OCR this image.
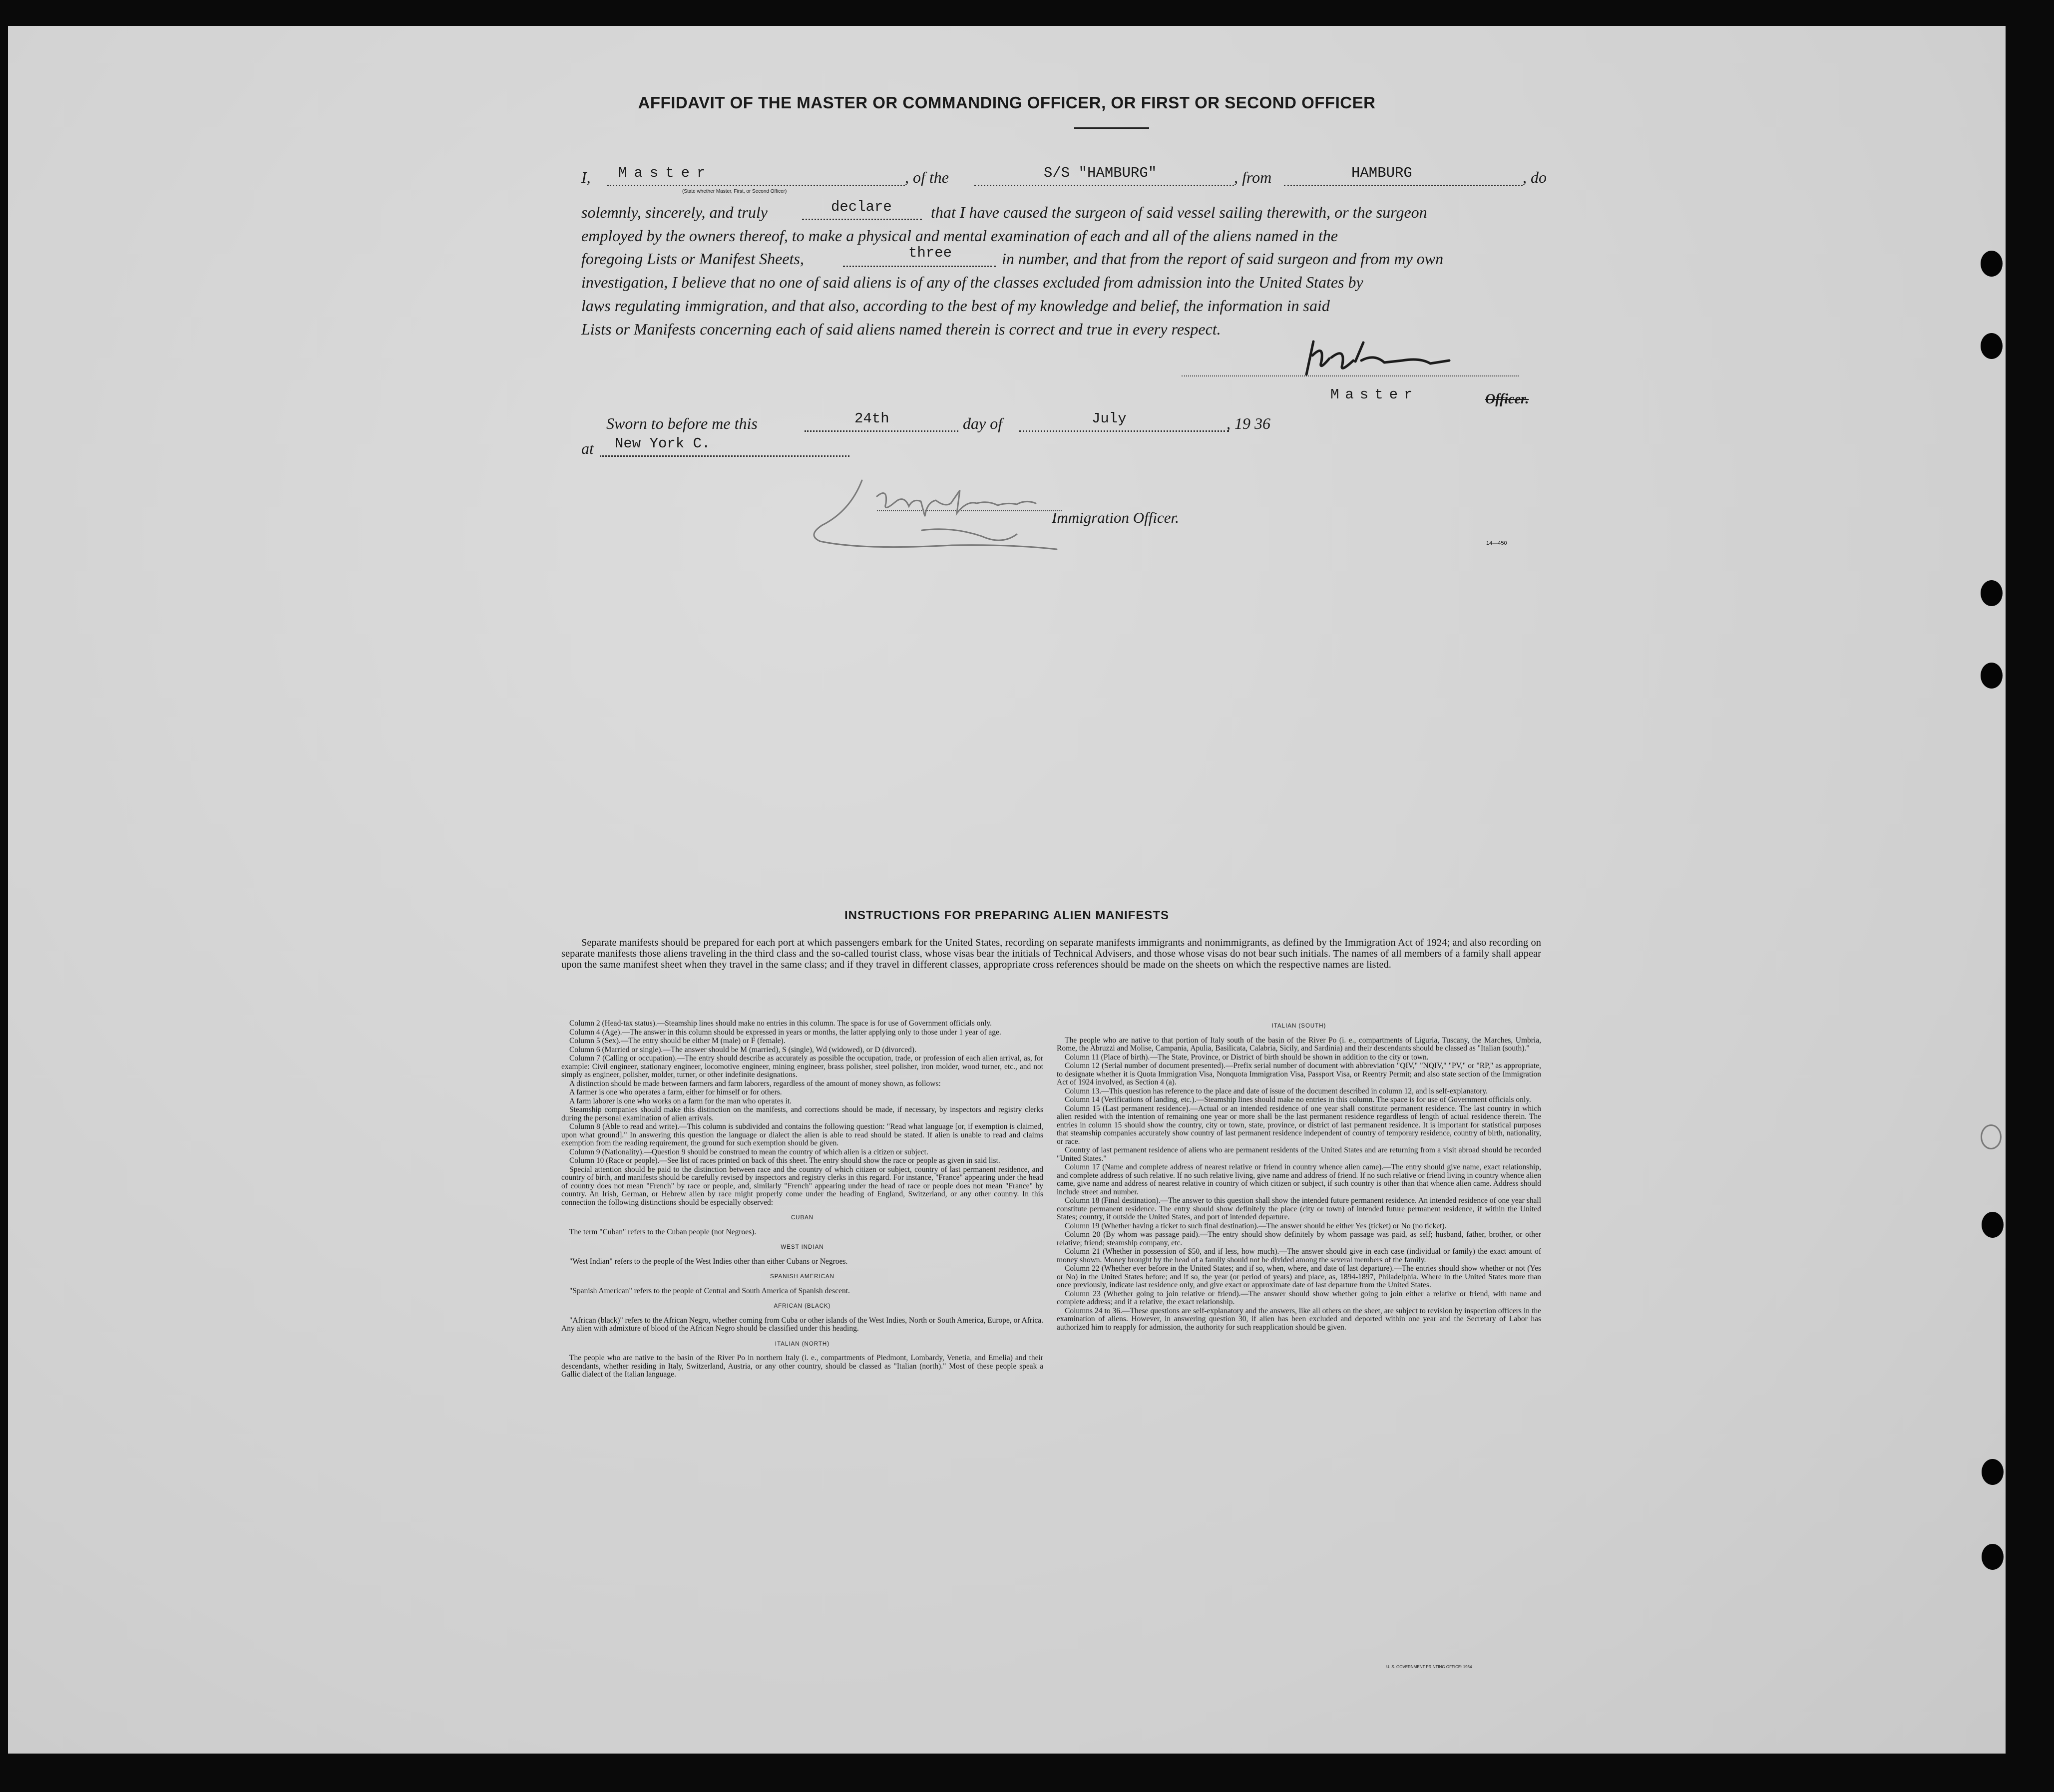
AFFIDAVIT OF THE MASTER OR COMMANDING OFFICER, OR FIRST OR SECOND OFFICER
I, Master
(State whether Master, First, or Second Officer)
, of the	S/S "HAMBURG"	, from	HAMBURG	, do
solemnly, sincerely, and truly	declare that I have caused the surgeon of said vessel sailing therewith, or the surgeon
employed by the owners thereof, to make a physical and mental examination of each and all of the aliens named in the
foregoing Lists or Manifest Sheets,	three	in number, and that from the report of said surgeon and from my own
investigation, I believe that no one of said aliens is of any of the classes excluded from admission into the United States by
laws regulating immigration, and that also, according to the best of my knowledge and belief, the information in said
Lists or Manifests concerning each of said aliens named therein is correct and true in every respect.
Master	Officer.
Sworn to before me this	24th	day of	July	, 19 36
at New York C.
Immigration Officer.
14—450
INSTRUCTIONS FOR PREPARING ALIEN MANIFESTS
Separate manifests should be prepared for each port at which passengers embark for the United States, recording on separate manifests immigrants and nonimmigrants, as defined by the Immigration Act of 1924; and also recording on separate manifests those aliens traveling in the third class and the so-called tourist class, whose visas bear the initials of Technical Advisers, and those whose visas do not bear such initials. The names of all members of a family shall appear upon the same manifest sheet when they travel in the same class; and if they travel in different classes, appropriate cross references should be made on the sheets on which the respective names are listed.

Column 2 (Head-tax status).—Steamship lines should make no entries in this column. The space is for use of Government officials only.

Column 4 (Age).—The answer in this column should be expressed in years or months, the latter applying only to those under 1 year of age.

Column 5 (Sex).—The entry should be either M (male) or F (female).

Column 6 (Married or single).—The answer should be M (married), S (single), Wd (widowed), or D (divorced).

Column 7 (Calling or occupation).—The entry should describe as accurately as possible the occupation, trade, or profession of each alien arrival, as, for example: Civil engineer, stationary engineer, locomotive engineer, mining engineer, brass polisher, steel polisher, iron molder, wood turner, etc., and not simply as engineer, polisher, molder, turner, or other indefinite designations.

A distinction should be made between farmers and farm laborers, regardless of the amount of money shown, as follows:

A farmer is one who operates a farm, either for himself or for others.

A farm laborer is one who works on a farm for the man who operates it.

Steamship companies should make this distinction on the manifests, and corrections should be made, if necessary, by inspectors and registry clerks during the personal examination of alien arrivals.

Column 8 (Able to read and write).—This column is subdivided and contains the following question: "Read what language [or, if exemption is claimed, upon what ground]." In answering this question the language or dialect the alien is able to read should be stated. If alien is unable to read and claims exemption from the reading requirement, the ground for such exemption should be given.

Column 9 (Nationality).—Question 9 should be construed to mean the country of which alien is a citizen or subject.

Column 10 (Race or people).—See list of races printed on back of this sheet. The entry should show the race or people as given in said list.

Special attention should be paid to the distinction between race and the country of which citizen or subject, country of last permanent residence, and country of birth, and manifests should be carefully revised by inspectors and registry clerks in this regard. For instance, "France" appearing under the head of country does not mean "French" by race or people, and, similarly "French" appearing under the head of race or people does not mean "France" by country. An Irish, German, or Hebrew alien by race might properly come under the heading of England, Switzerland, or any other country. In this connection the following distinctions should be especially observed:

CUBAN

The term "Cuban" refers to the Cuban people (not Negroes).

WEST INDIAN

"West Indian" refers to the people of the West Indies other than either Cubans or Negroes.

SPANISH AMERICAN

"Spanish American" refers to the people of Central and South America of Spanish descent.

AFRICAN (BLACK)

"African (black)" refers to the African Negro, whether coming from Cuba or other islands of the West Indies, North or South America, Europe, or Africa. Any alien with admixture of blood of the African Negro should be classified under this heading.

ITALIAN (NORTH)

The people who are native to the basin of the River Po in northern Italy (i. e., compartments of Piedmont, Lombardy, Venetia, and Emelia) and their descendants, whether residing in Italy, Switzerland, Austria, or any other country, should be classed as "Italian (north)." Most of these people speak a Gallic dialect of the Italian language.

ITALIAN (SOUTH)

The people who are native to that portion of Italy south of the basin of the River Po (i. e., compartments of Liguria, Tuscany, the Marches, Umbria, Rome, the Abruzzi and Molise, Campania, Apulia, Basilicata, Calabria, Sicily, and Sardinia) and their descendants should be classed as "Italian (south)."

Column 11 (Place of birth).—The State, Province, or District of birth should be shown in addition to the city or town.

Column 12 (Serial number of document presented).—Prefix serial number of document with abbreviation "QIV," "NQIV," "PV," or "RP," as appropriate, to designate whether it is Quota Immigration Visa, Nonquota Immigration Visa, Passport Visa, or Reentry Permit; and also state section of the Immigration Act of 1924 involved, as Section 4 (a).

Column 13.—This question has reference to the place and date of issue of the document described in column 12, and is self-explanatory.

Column 14 (Verifications of landing, etc.).—Steamship lines should make no entries in this column. The space is for use of Government officials only.

Column 15 (Last permanent residence).—Actual or an intended residence of one year shall constitute permanent residence. The last country in which alien resided with the intention of remaining one year or more shall be the last permanent residence regardless of length of actual residence therein. The entries in column 15 should show the country, city or town, state, province, or district of last permanent residence. It is important for statistical purposes that steamship companies accurately show country of last permanent residence independent of country of temporary residence, country of birth, nationality, or race.

Country of last permanent residence of aliens who are permanent residents of the United States and are returning from a visit abroad should be recorded "United States."

Column 17 (Name and complete address of nearest relative or friend in country whence alien came).—The entry should give name, exact relationship, and complete address of such relative. If no such relative living, give name and address of friend. If no such relative or friend living in country whence alien came, give name and address of nearest relative in country of which citizen or subject, if such country is other than that whence alien came. Address should include street and number.

Column 18 (Final destination).—The answer to this question shall show the intended future permanent residence. An intended residence of one year shall constitute permanent residence. The entry should show definitely the place (city or town) of intended future permanent residence, if within the United States; country, if outside the United States, and port of intended departure.

Column 19 (Whether having a ticket to such final destination).—The answer should be either Yes (ticket) or No (no ticket).

Column 20 (By whom was passage paid).—The entry should show definitely by whom passage was paid, as self; husband, father, brother, or other relative; friend; steamship company, etc.

Column 21 (Whether in possession of $50, and if less, how much).—The answer should give in each case (individual or family) the exact amount of money shown. Money brought by the head of a family should not be divided among the several members of the family.

Column 22 (Whether ever before in the United States; and if so, when, where, and date of last departure).—The entries should show whether or not (Yes or No) in the United States before; and if so, the year (or period of years) and place, as, 1894-1897, Philadelphia. Where in the United States more than once previously, indicate last residence only, and give exact or approximate date of last departure from the United States.

Column 23 (Whether going to join relative or friend).—The answer should show whether going to join either a relative or friend, with name and complete address; and if a relative, the exact relationship.

Columns 24 to 36.—These questions are self-explanatory and the answers, like all others on the sheet, are subject to revision by inspection officers in the examination of aliens. However, in answering question 30, if alien has been excluded and deported within one year and the Secretary of Labor has authorized him to reapply for admission, the authority for such reapplication should be given.

U. S. GOVERNMENT PRINTING OFFICE: 1934
